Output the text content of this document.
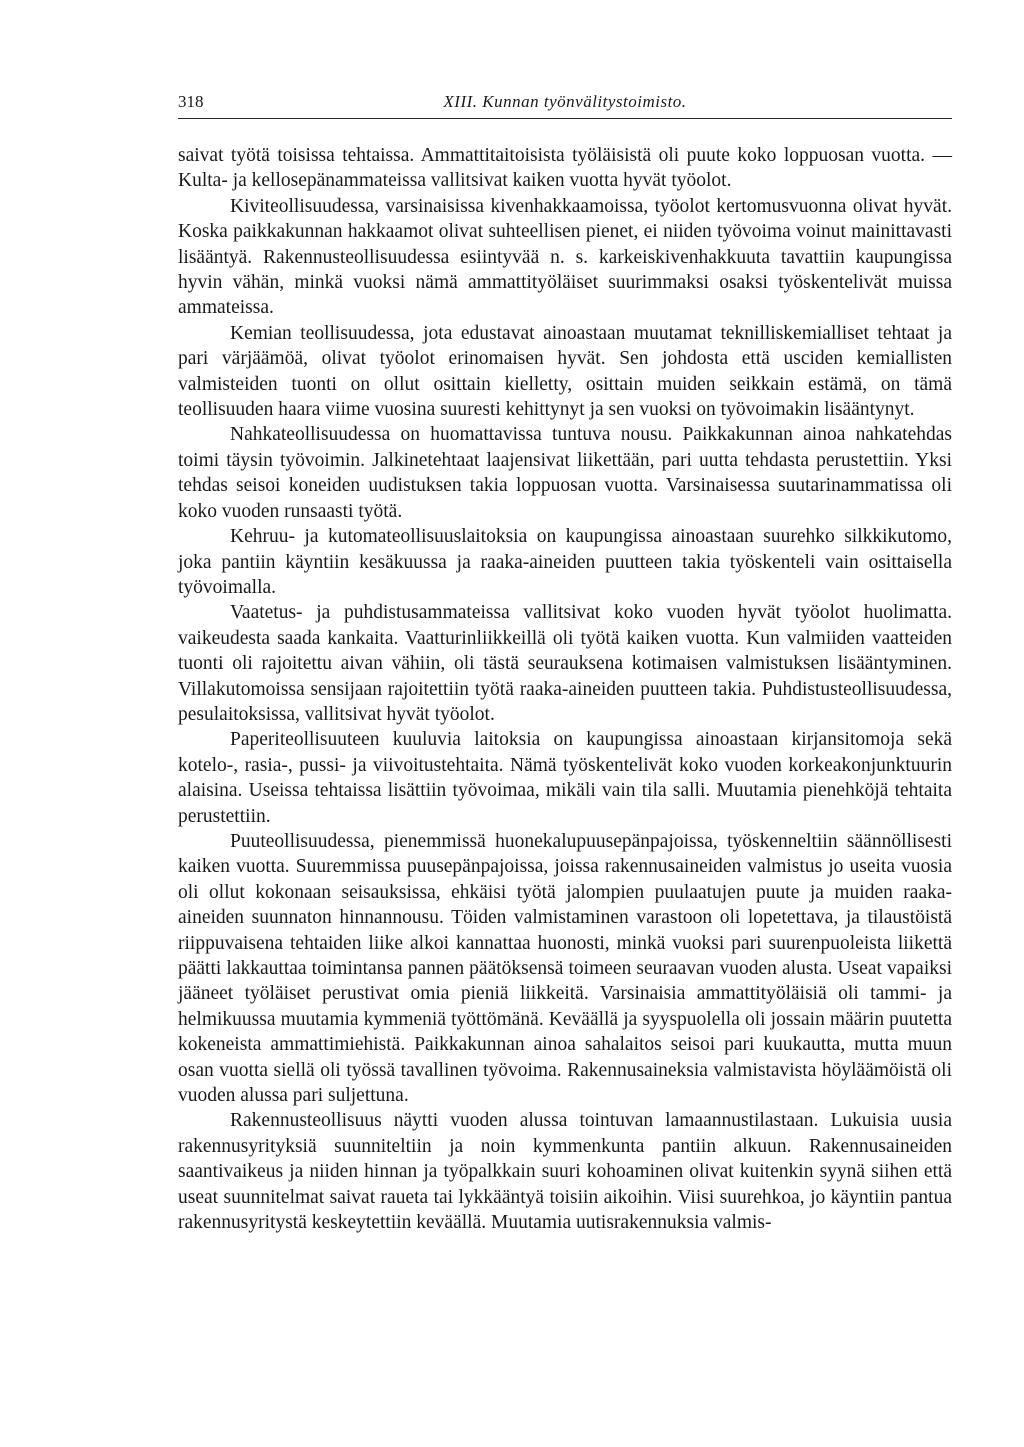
318	XIII. Kunnan työnvälitystoimisto.

saivat työtä toisissa tehtaissa. Ammattitaitoisista työläisistä oli puute koko loppuosan vuotta. — Kulta- ja kellosepänammateissa vallitsivat kaiken vuotta hyvät työolot.

Kiviteollisuudessa, varsinaisissa kivenhakkaamoissa, työolot kertomusvuonna olivat hyvät. Koska paikkakunnan hakkaamot olivat suhteellisen pienet, ei niiden työvoima voinut mainittavasti lisääntyä. Rakennusteollisuudessa esiintyvää n. s. karkeiskivenhakkuuta tavattiin kaupungissa hyvin vähän, minkä vuoksi nämä ammattityöläiset suurimmaksi osaksi työskentelivät muissa ammateissa.

Kemian teollisuudessa, jota edustavat ainoastaan muutamat teknilliskemialliset tehtaat ja pari värjäämöä, olivat työolot erinomaisen hyvät. Sen johdosta että usciden kemiallisten valmisteiden tuonti on ollut osittain kielletty, osittain muiden seikkain estämä, on tämä teollisuuden haara viime vuosina suuresti kehittynyt ja sen vuoksi on työvoimakin lisääntynyt.

Nahkateollisuudessa on huomattavissa tuntuva nousu. Paikkakunnan ainoa nahkatehdas toimi täysin työvoimin. Jalkinetehtaat laajensivat liikettään, pari uutta tehdasta perustettiin. Yksi tehdas seisoi koneiden uudistuksen takia loppuosan vuotta. Varsinaisessa suutarinammatissa oli koko vuoden runsaasti työtä.

Kehruu- ja kutomateollisuuslaitoksia on kaupungissa ainoastaan suurehko silkkikutomo, joka pantiin käyntiin kesäkuussa ja raaka-aineiden puutteen takia työskenteli vain osittaisella työvoimalla.

Vaatetus- ja puhdistusammateissa vallitsivat koko vuoden hyvät työolot huolimatta. vaikeudesta saada kankaita. Vaatturinliikkeillä oli työtä kaiken vuotta. Kun valmiiden vaatteiden tuonti oli rajoitettu aivan vähiin, oli tästä seurauksena kotimaisen valmistuksen lisääntyminen. Villakutomoissa sensijaan rajoitettiin työtä raaka-aineiden puutteen takia. Puhdistusteollisuudessa, pesulaitoksissa, vallitsivat hyvät työolot.

Paperiteollisuuteen kuuluvia laitoksia on kaupungissa ainoastaan kirjansitomoja sekä kotelo-, rasia-, pussi- ja viivoitustehtaita. Nämä työskentelivät koko vuoden korkeakonjunktuurin alaisina. Useissa tehtaissa lisättiin työvoimaa, mikäli vain tila salli. Muutamia pienehköjä tehtaita perustettiin.

Puuteollisuudessa, pienemmissä huonekalupuusepänpajoissa, työskenneltiin säännöllisesti kaiken vuotta. Suuremmissa puusepänpajoissa, joissa rakennusaineiden valmistus jo useita vuosia oli ollut kokonaan seisauksissa, ehkäisi työtä jalompien puulaatujen puute ja muiden raaka-aineiden suunnaton hinnannousu. Töiden valmistaminen varastoon oli lopetettava, ja tilaustöistä riippuvaisena tehtaiden liike alkoi kannattaa huonosti, minkä vuoksi pari suurenpuoleista liikettä päätti lakkauttaa toimintansa pannen päätöksensä toimeen seuraavan vuoden alusta. Useat vapaiksi jääneet työläiset perustivat omia pieniä liikkeitä. Varsinaisia ammattityöläisiä oli tammi- ja helmikuussa muutamia kymmeniä työttömänä. Keväällä ja syyspuolella oli jossain määrin puutetta kokeneista ammattimiehistä. Paikkakunnan ainoa sahalaitos seisoi pari kuukautta, mutta muun osan vuotta siellä oli työssä tavallinen työvoima. Rakennusaineksia valmistavista höyläämöistä oli vuoden alussa pari suljettuna.

Rakennusteollisuus näytti vuoden alussa tointuvan lamaannustilastaan. Lukuisia uusia rakennusyrityksiä suunniteltiin ja noin kymmenkunta pantiin alkuun. Rakennusaineiden saantivaikeus ja niiden hinnan ja työpalkkain suuri kohoaminen olivat kuitenkin syynä siihen että useat suunnitelmat saivat raueta tai lykkääntyä toisiin aikoihin. Viisi suurehkoa, jo käyntiin pantua rakennusyritystä keskeytettiin keväällä. Muutamia uutisrakennuksia valmis-
